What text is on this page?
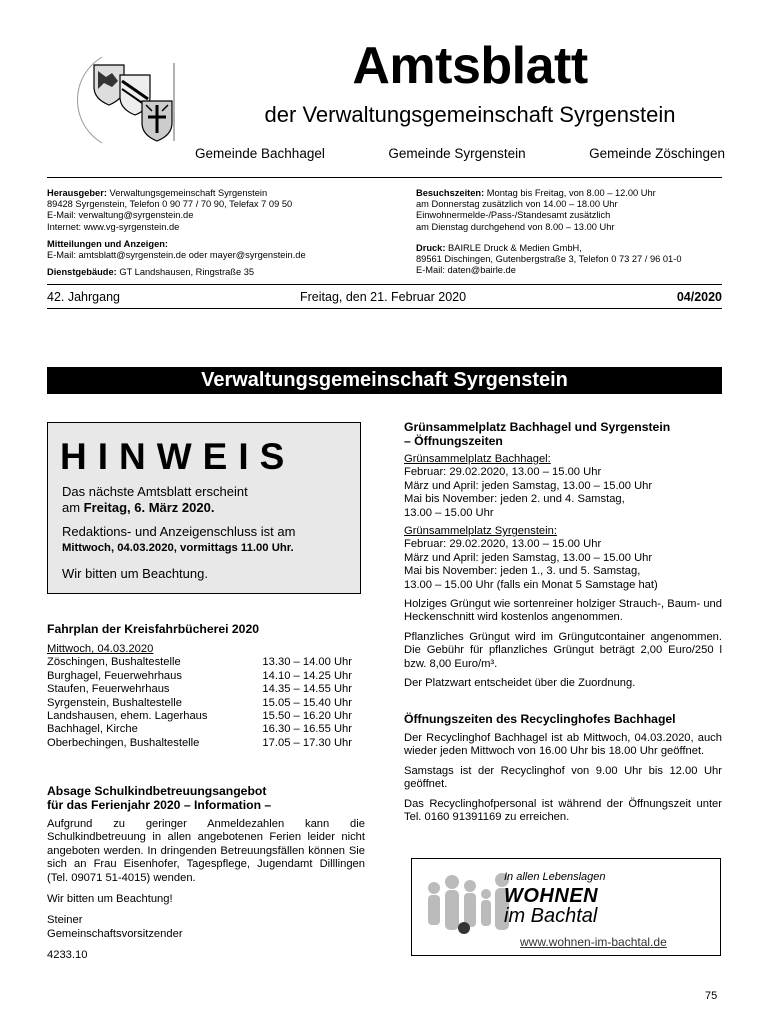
Amtsblatt
der Verwaltungsgemeinschaft Syrgenstein
Gemeinde Bachhagel	Gemeinde Syrgenstein	Gemeinde Zöschingen

Herausgeber: Verwaltungsgemeinschaft Syrgenstein

89428 Syrgenstein, Telefon 0 90 77 / 70 90, Telefax 7 09 50

E-Mail: verwaltung@syrgenstein.de

Internet: www.vg-syrgenstein.de

Mitteilungen und Anzeigen:

E-Mail: amtsblatt@syrgenstein.de oder mayer@syrgenstein.de

Dienstgebäude: GT Landshausen, Ringstraße 35

Besuchszeiten: Montag bis Freitag, von 8.00 – 12.00 Uhr

am Donnerstag zusätzlich von 14.00 – 18.00 Uhr

Einwohnermelde-/Pass-/Standesamt zusätzlich

am Dienstag durchgehend von 8.00 – 13.00 Uhr

Druck: BAIRLE Druck & Medien GmbH,

89561 Dischingen, Gutenbergstraße 3, Telefon 0 73 27 / 96 01-0

E-Mail: daten@bairle.de

42. Jahrgang	Freitag, den 21. Februar 2020	04/2020
Verwaltungsgemeinschaft Syrgenstein
HINWEIS

Das nächste Amtsblatt erscheint

am Freitag, 6. März 2020.

Redaktions- und Anzeigenschluss ist am

Mittwoch, 04.03.2020, vormittags 11.00 Uhr.

Wir bitten um Beachtung.

Fahrplan der Kreisfahrbücherei 2020

Mittwoch, 04.03.2020

Zöschingen, Bushaltestelle	13.30 – 14.00 Uhr
Burghagel, Feuerwehrhaus	14.10 – 14.25 Uhr
Staufen, Feuerwehrhaus	14.35 – 14.55 Uhr
Syrgenstein, Bushaltestelle	15.05 – 15.40 Uhr
Landshausen, ehem. Lagerhaus	15.50 – 16.20 Uhr
Bachhagel, Kirche	16.30 – 16.55 Uhr
Oberbechingen, Bushaltestelle	17.05 – 17.30 Uhr
Absage Schulkindbetreuungsangebot
für das Ferienjahr 2020 – Information –

Aufgrund zu geringer Anmeldezahlen kann die Schulkindbetreuung in allen angebotenen Ferien leider nicht angeboten werden. In dringenden Betreuungsfällen können Sie sich an Frau Eisenhofer, Tagespflege, Jugendamt Dilllingen (Tel. 09071 51-4015) wenden.

Wir bitten um Beachtung!

Steiner

Gemeinschaftsvorsitzender

4233.10

Grünsammelplatz Bachhagel und Syrgenstein
– Öffnungszeiten

Grünsammelplatz Bachhagel:

Februar: 29.02.2020, 13.00 – 15.00 Uhr

März und April: jeden Samstag, 13.00 – 15.00 Uhr

Mai bis November: jeden 2. und 4. Samstag,

13.00 – 15.00 Uhr

Grünsammelplatz Syrgenstein:

Februar: 29.02.2020, 13.00 – 15.00 Uhr

März und April: jeden Samstag, 13.00 – 15.00 Uhr

Mai bis November: jeden 1., 3. und 5. Samstag,

13.00 – 15.00 Uhr (falls ein Monat 5 Samstage hat)

Holziges Grüngut wie sortenreiner holziger Strauch-, Baum- und Heckenschnitt wird kostenlos angenommen.

Pflanzliches Grüngut wird im Grüngutcontainer angenommen. Die Gebühr für pflanzliches Grüngut beträgt 2,00 Euro/250 l bzw. 8,00 Euro/m³.

Der Platzwart entscheidet über die Zuordnung.

Öffnungszeiten des Recyclinghofes Bachhagel

Der Recyclinghof Bachhagel ist ab Mittwoch, 04.03.2020, auch wieder jeden Mittwoch von 16.00 Uhr bis 18.00 Uhr geöffnet.

Samstags ist der Recyclinghof von 9.00 Uhr bis 12.00 Uhr geöffnet.

Das Recyclinghofpersonal ist während der Öffnungszeit unter Tel. 0160 91391169 zu erreichen.

In allen Lebenslagen
WOHNEN
im Bachtal
www.wohnen-im-bachtal.de
75
